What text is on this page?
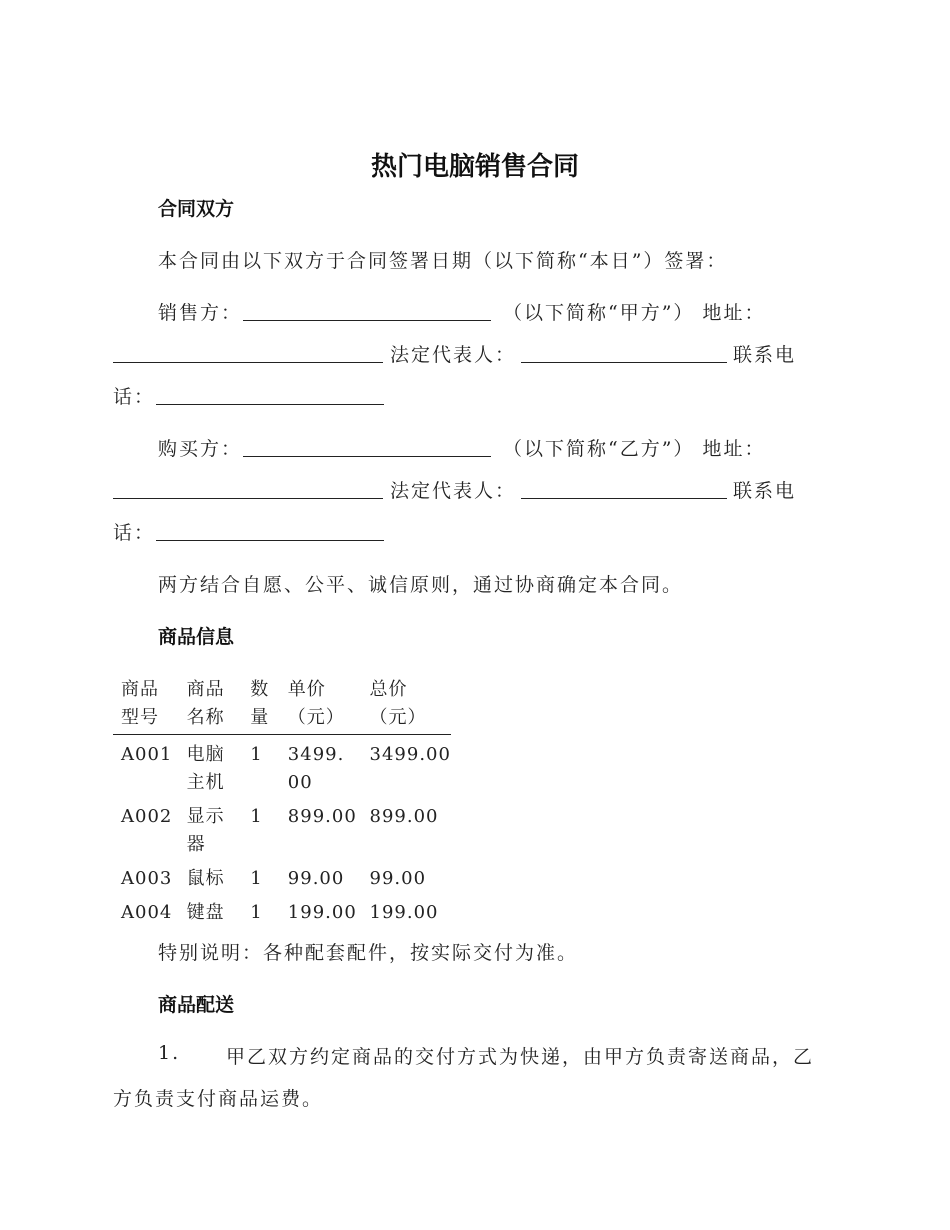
热门电脑销售合同
合同双方
本合同由以下双方于合同签署日期（以下简称“本日”）签署：
销售方：	（以下简称“甲方”） 地址：
法定代表人：	联系电
话：
购买方：	（以下简称“乙方”） 地址：
法定代表人：	联系电
话：
两方结合自愿、公平、诚信原则，通过协商确定本合同。
商品信息
商品型号	商品名称	数量	单价（元）	总价（元）

A001	电脑主机	1	3499.00	3499.00
A002	显示器	1	899.00	899.00
A003	鼠标	1	99.00	99.00
A004	键盘	1	199.00	199.00
特别说明：各种配套配件，按实际交付为准。
商品配送
1. 甲乙双方约定商品的交付方式为快递，由甲方负责寄送商品，乙
方负责支付商品运费。
